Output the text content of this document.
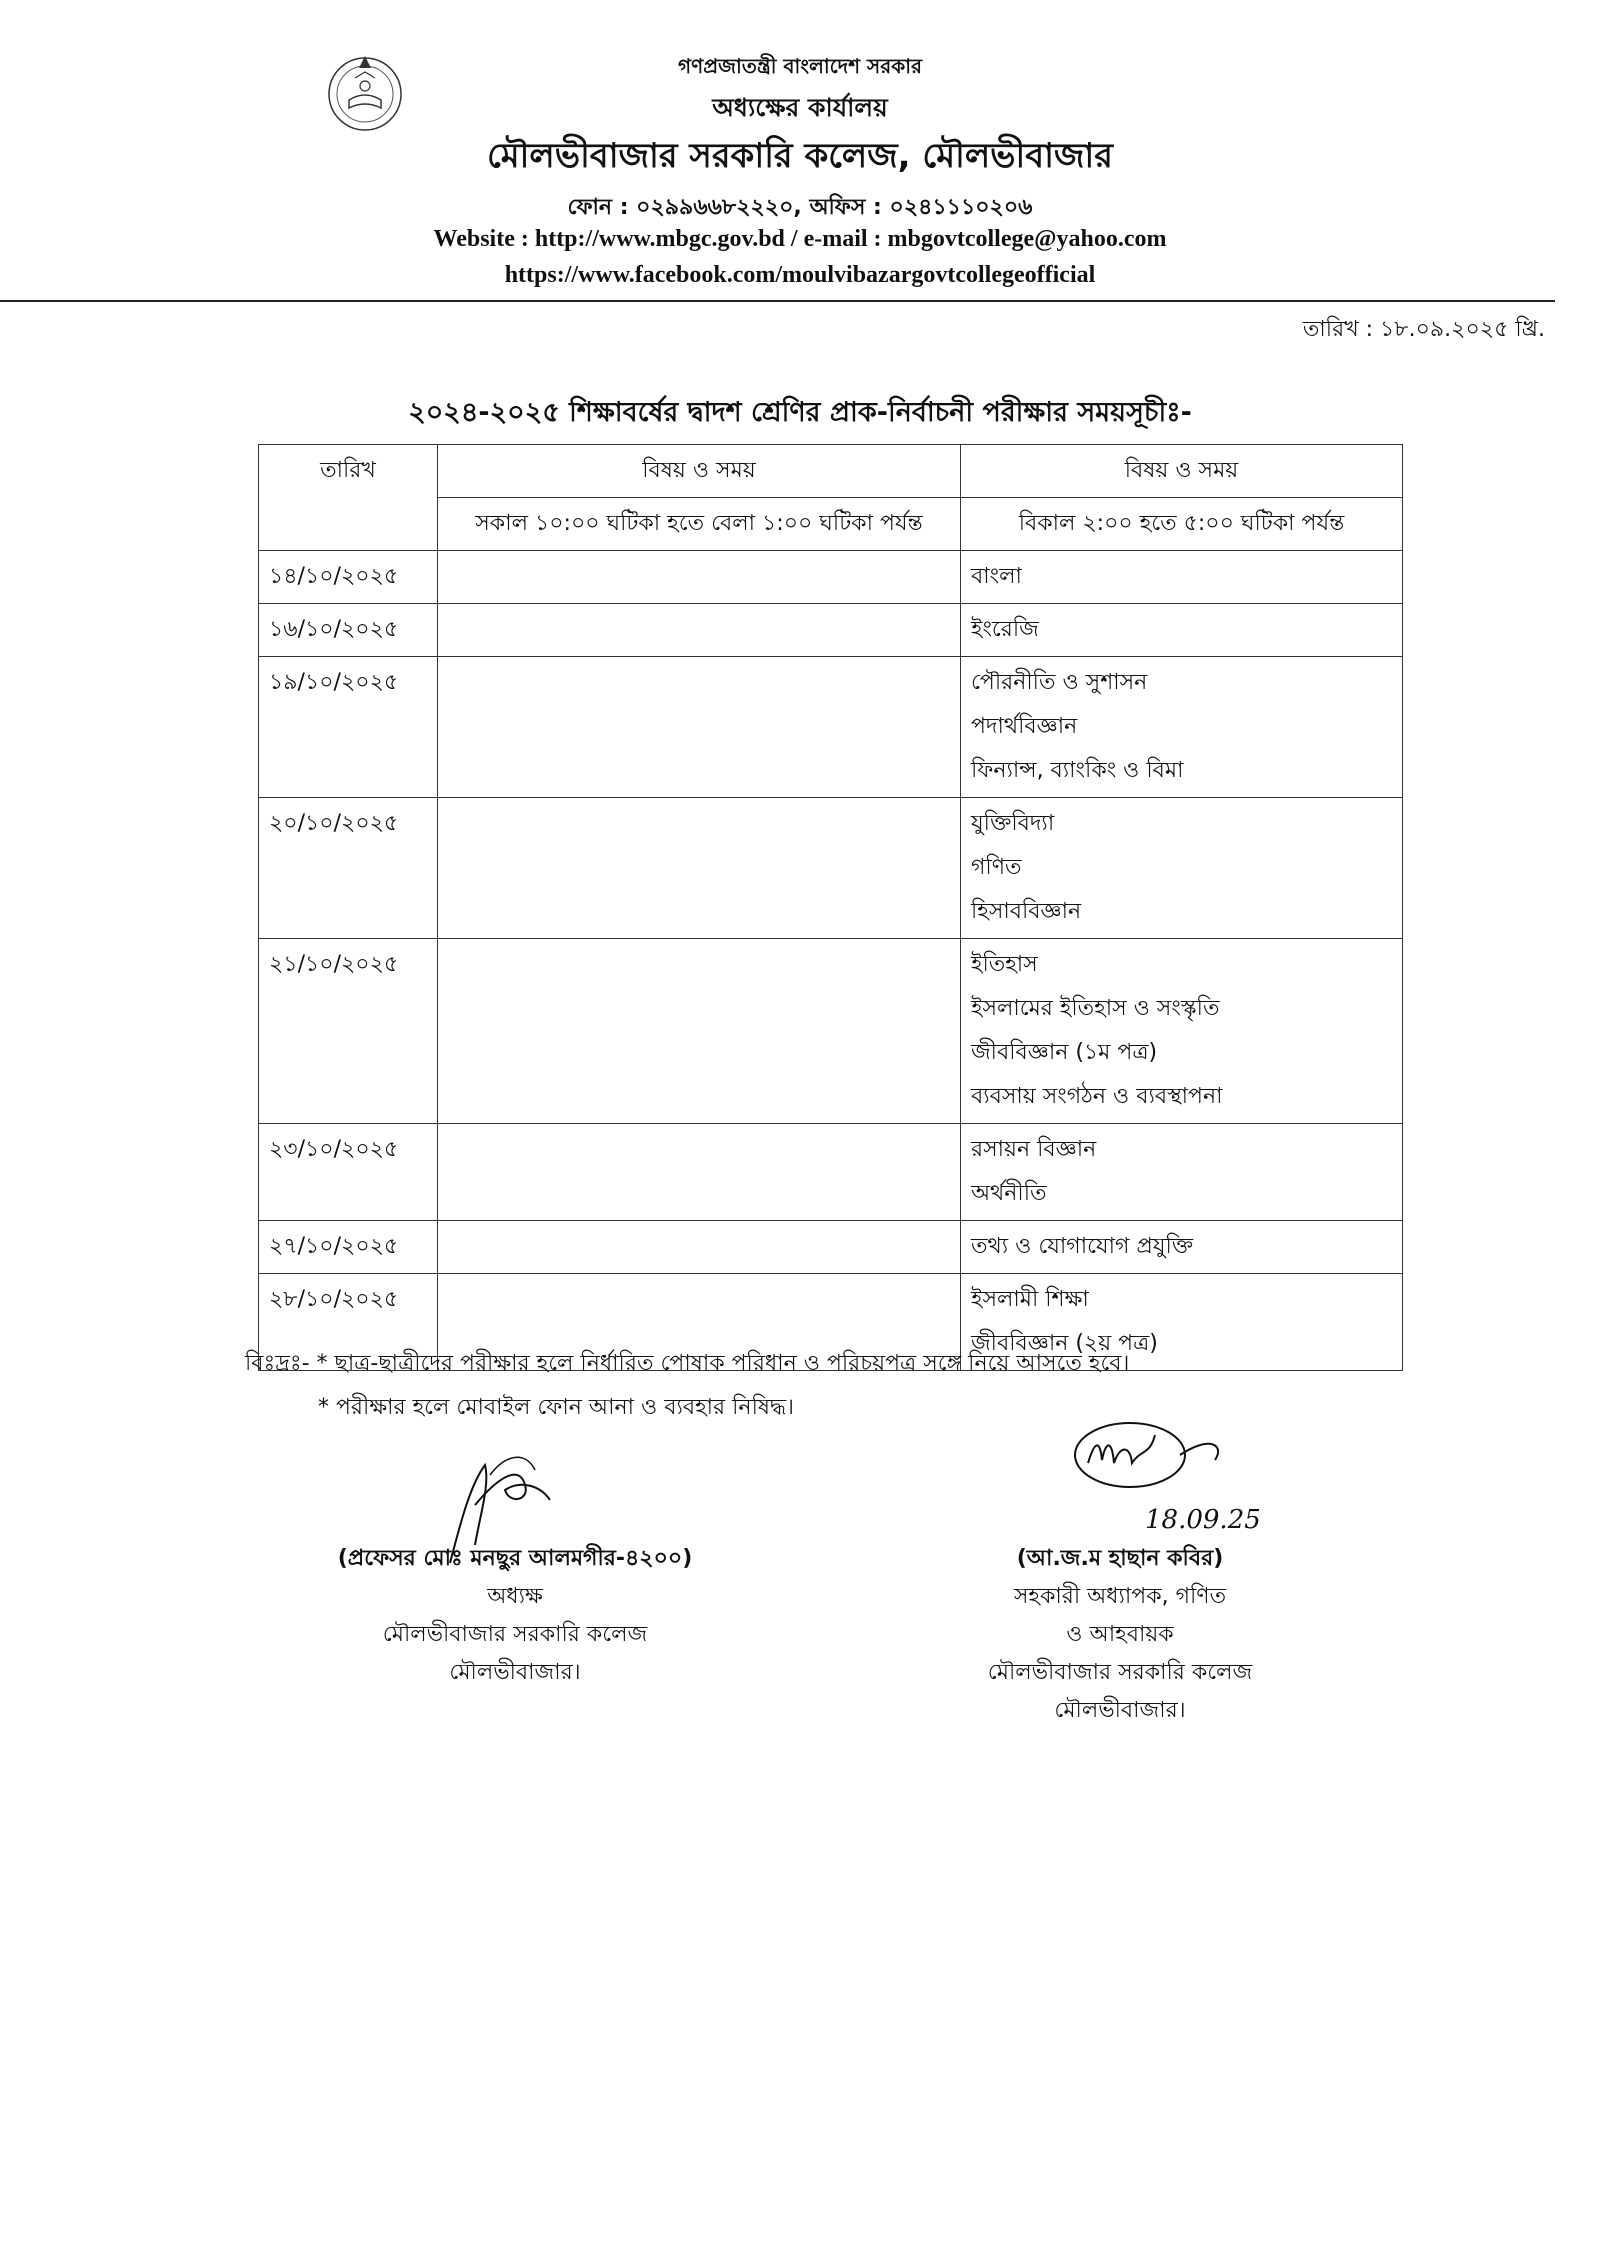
গণপ্রজাতন্ত্রী বাংলাদেশ সরকার
অধ্যক্ষের কার্যালয়
মৌলভীবাজার সরকারি কলেজ, মৌলভীবাজার
ফোন : ০২৯৯৬৬৮২২২০, অফিস : ০২৪১১১০২০৬
Website : http://www.mbgc.gov.bd / e-mail : mbgovtcollege@yahoo.com
https://www.facebook.com/moulvibazargovtcollegeofficial
তারিখ : ১৮.০৯.২০২৫ খ্রি.
২০২৪-২০২৫ শিক্ষাবর্ষের দ্বাদশ শ্রেণির প্রাক-নির্বাচনী পরীক্ষার সময়সূচীঃ-
তারিখ	বিষয় ও সময়	বিষয় ও সময়
	সকাল ১০:০০ ঘটিকা হতে বেলা ১:০০ ঘটিকা পর্যন্ত	বিকাল ২:০০ হতে ৫:০০ ঘটিকা পর্যন্ত
১৪/১০/২০২৫		বাংলা

১৬/১০/২০২৫		ইংরেজি

১৯/১০/২০২৫		পৌরনীতি ও সুশাসন
পদার্থবিজ্ঞান
ফিন্যান্স, ব্যাংকিং ও বিমা

২০/১০/২০২৫		যুক্তিবিদ্যা
গণিত
হিসাববিজ্ঞান

২১/১০/২০২৫		ইতিহাস
ইসলামের ইতিহাস ও সংস্কৃতি
জীববিজ্ঞান (১ম পত্র)
ব্যবসায় সংগঠন ও ব্যবস্থাপনা

২৩/১০/২০২৫		রসায়ন বিজ্ঞান
অর্থনীতি

২৭/১০/২০২৫		তথ্য ও যোগাযোগ প্রযুক্তি

২৮/১০/২০২৫		ইসলামী শিক্ষা
জীববিজ্ঞান (২য় পত্র)
বিঃদ্রঃ- * ছাত্র-ছাত্রীদের পরীক্ষার হলে নির্ধারিত পোষাক পরিধান ও পরিচয়পত্র সঙ্গে নিয়ে আসতে হবে।
* পরীক্ষার হলে মোবাইল ফোন আনা ও ব্যবহার নিষিদ্ধ।
18.09.25
(প্রফেসর মোঃ মনছুর আলমগীর-৪২০০)
অধ্যক্ষ
মৌলভীবাজার সরকারি কলেজ
মৌলভীবাজার।
(আ.জ.ম হাছান কবির)
সহকারী অধ্যাপক, গণিত
ও আহবায়ক
মৌলভীবাজার সরকারি কলেজ
মৌলভীবাজার।
